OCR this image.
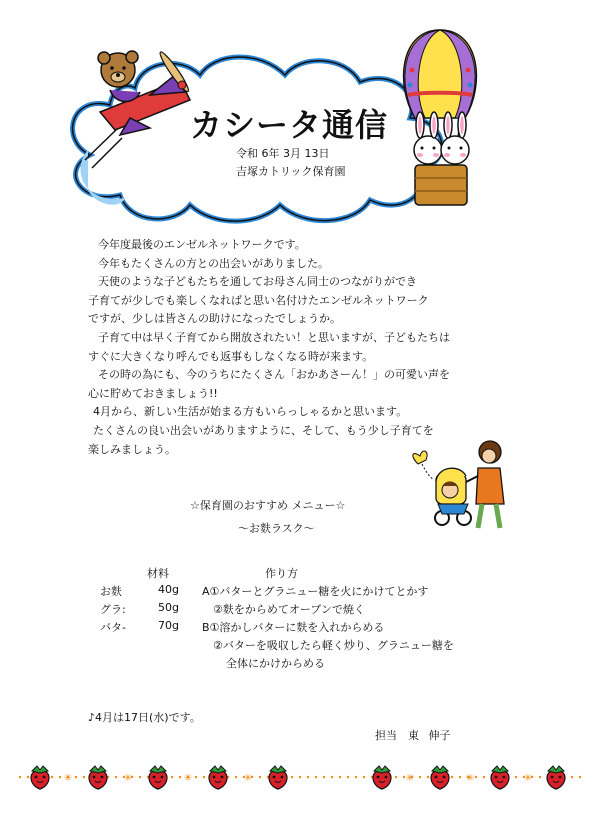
カシータ通信
令和 6年 3月 13日
吉塚カトリック保育園

今年度最後のエンゼルネットワークです。

今年もたくさんの方との出会いがありました。

天使のような子どもたちを通してお母さん同士のつながりができ

子育てが少しでも楽しくなればと思い名付けたエンゼルネットワーク

ですが、少しは皆さんの助けになったでしょうか。

子育て中は早く子育てから開放されたい！と思いますが、子どもたちは

すぐに大きくなり呼んでも返事もしなくなる時が来ます。

その時の為にも、今のうちにたくさん「おかあさーん！」の可愛い声を

心に貯めておきましょう!!

4月から、新しい生活が始まる方もいらっしゃるかと思います。

たくさんの良い出会いがありますように、そして、もう少し子育てを

楽しみましょう。

☆保育園のおすすめ メニュー☆
～お麩ラスク～
材料	作り方
お麩	40g
グラ:	50g
バタ-	70g
A①バターとグラニュー糖を火にかけてとかす
②麩をからめてオーブンで焼く
B①溶かしバターに麩を入れからめる
②バターを吸収したら軽く炒り、グラニュー糖を
全体にかけからめる
♪4月は17日(水)です。
担当　東 伸子
✳	✳	✳	✳	✳	✳	✳
